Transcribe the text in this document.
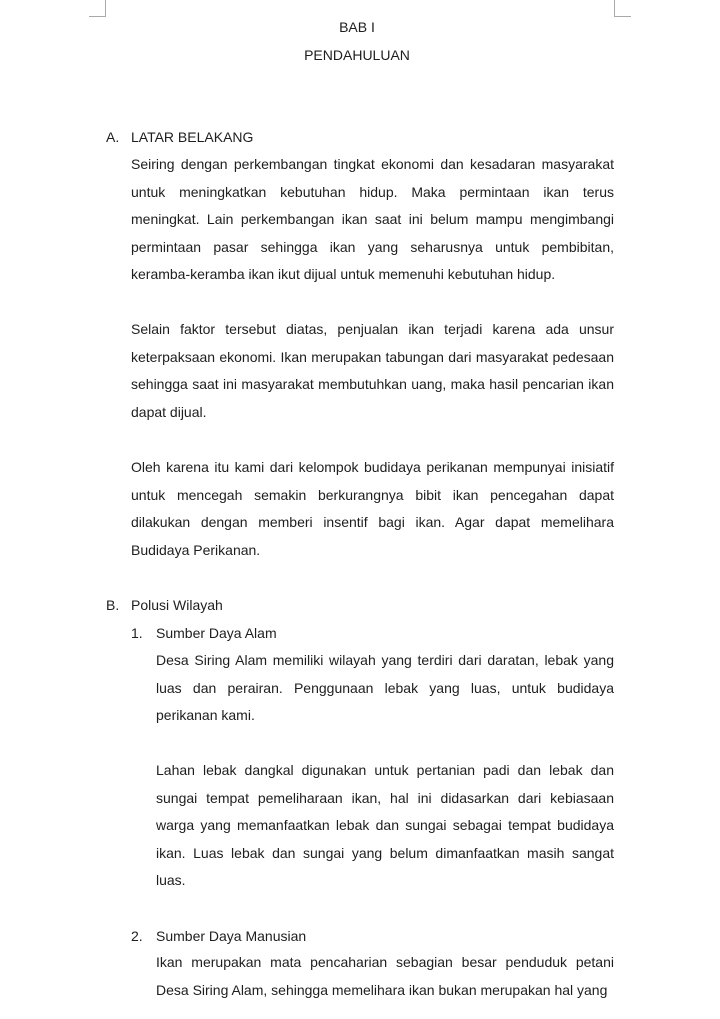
BAB I
PENDAHULUAN
A. LATAR BELAKANG

Seiring dengan perkembangan tingkat ekonomi dan kesadaran masyarakat untuk meningkatkan kebutuhan hidup. Maka permintaan ikan terus meningkat. Lain perkembangan ikan saat ini belum mampu mengimbangi permintaan pasar sehingga ikan yang seharusnya untuk pembibitan, keramba-keramba ikan ikut dijual untuk memenuhi kebutuhan hidup.

Selain faktor tersebut diatas, penjualan ikan terjadi karena ada unsur keterpaksaan ekonomi. Ikan merupakan tabungan dari masyarakat pedesaan sehingga saat ini masyarakat membutuhkan uang, maka hasil pencarian ikan dapat dijual.

Oleh karena itu kami dari kelompok budidaya perikanan mempunyai inisiatif untuk mencegah semakin berkurangnya bibit ikan pencegahan dapat dilakukan dengan memberi insentif bagi ikan. Agar dapat memelihara Budidaya Perikanan.

B. Polusi Wilayah
1. Sumber Daya Alam

Desa Siring Alam memiliki wilayah yang terdiri dari daratan, lebak yang luas dan perairan. Penggunaan lebak yang luas, untuk budidaya perikanan kami.

Lahan lebak dangkal digunakan untuk pertanian padi dan lebak dan sungai tempat pemeliharaan ikan, hal ini didasarkan dari kebiasaan warga yang memanfaatkan lebak dan sungai sebagai tempat budidaya ikan. Luas lebak dan sungai yang belum dimanfaatkan masih sangat luas.

2. Sumber Daya Manusian

Ikan merupakan mata pencaharian sebagian besar penduduk petani Desa Siring Alam, sehingga memelihara ikan bukan merupakan hal yang
